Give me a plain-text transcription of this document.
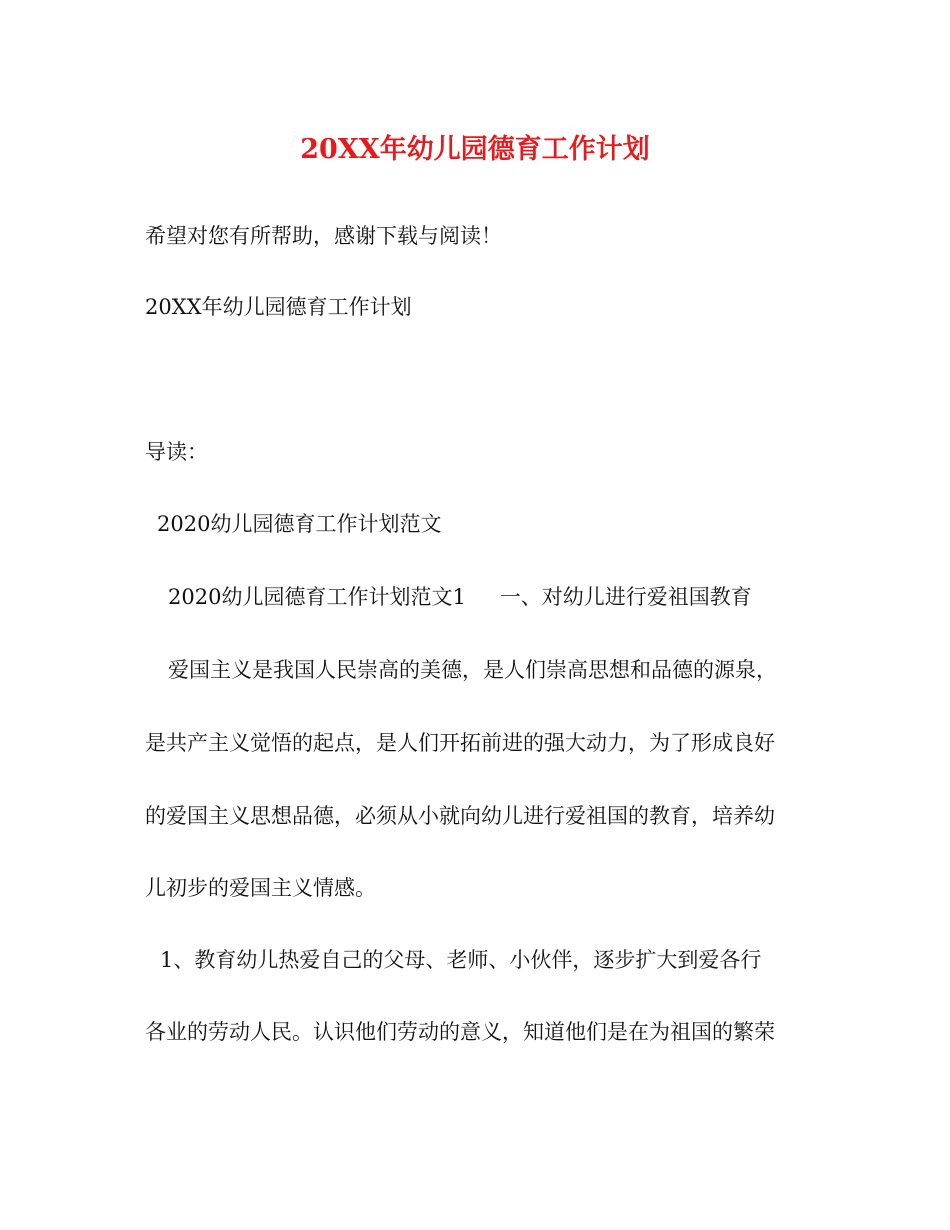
20XX年幼儿园德育工作计划
希望对您有所帮助，感谢下载与阅读！
20XX年幼儿园德育工作计划
导读：
2020幼儿园德育工作计划范文
2020幼儿园德育工作计划范文1 一、对幼儿进行爱祖国教育
爱国主义是我国人民崇高的美德，是人们崇高思想和品德的源泉，
是共产主义觉悟的起点，是人们开拓前进的强大动力，为了形成良好
的爱国主义思想品德，必须从小就向幼儿进行爱祖国的教育，培养幼
儿初步的爱国主义情感。
1、教育幼儿热爱自己的父母、老师、小伙伴，逐步扩大到爱各行
各业的劳动人民。认识他们劳动的意义，知道他们是在为祖国的繁荣
